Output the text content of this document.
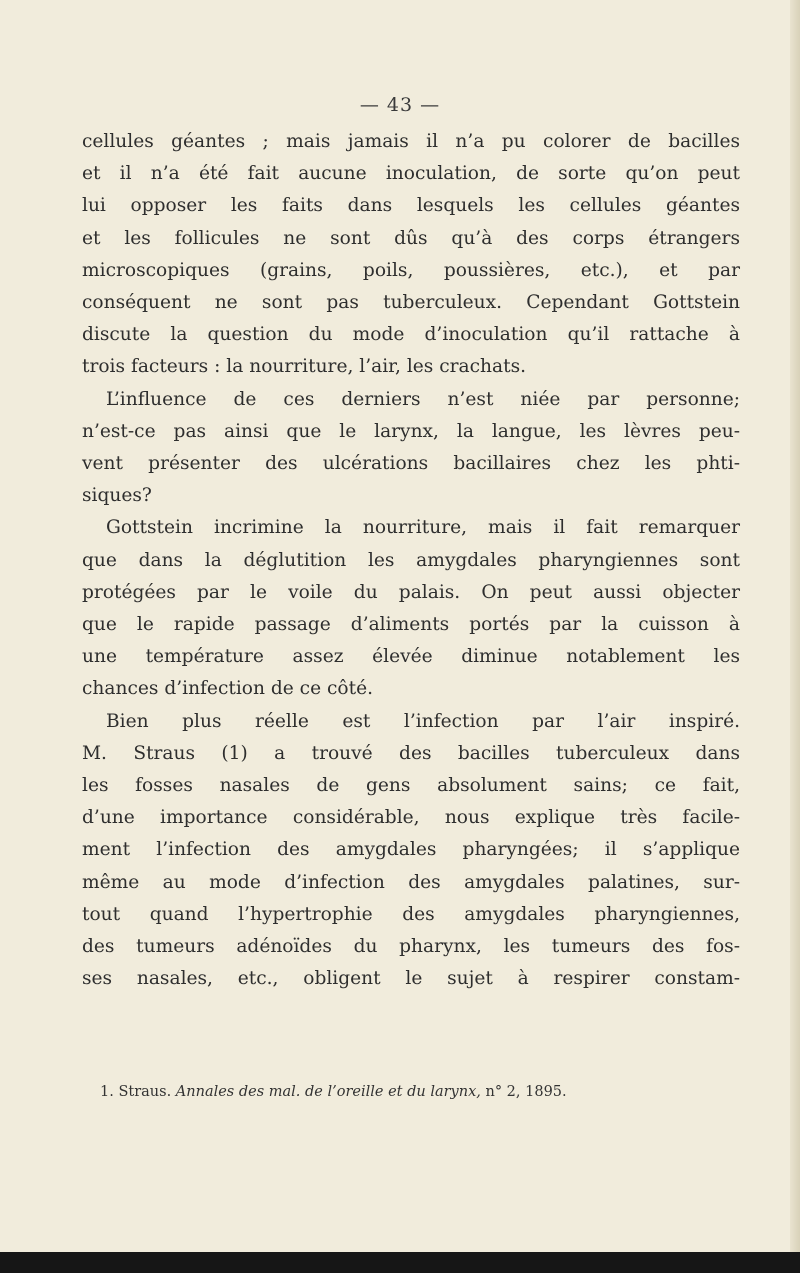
— 43 —
cellules géantes ; mais jamais il n’a pu colorer de bacilles
et il n’a été fait aucune inoculation, de sorte qu’on peut
lui opposer les faits dans lesquels les cellules géantes
et les follicules ne sont dûs qu’à des corps étrangers
microscopiques (grains, poils, poussières, etc.), et par
conséquent ne sont pas tuberculeux. Cependant Gottstein
discute la question du mode d’inoculation qu’il rattache à
trois facteurs : la nourriture, l’air, les crachats.
L’influence de ces derniers n’est niée par personne;
n’est-ce pas ainsi que le larynx, la langue, les lèvres peu-
vent présenter des ulcérations bacillaires chez les phti-
siques?
Gottstein incrimine la nourriture, mais il fait remarquer
que dans la déglutition les amygdales pharyngiennes sont
protégées par le voile du palais. On peut aussi objecter
que le rapide passage d’aliments portés par la cuisson à
une température assez élevée diminue notablement les
chances d’infection de ce côté.
Bien plus réelle est l’infection par l’air inspiré.
M. Straus (1) a trouvé des bacilles tuberculeux dans
les fosses nasales de gens absolument sains; ce fait,
d’une importance considérable, nous explique très facile-
ment l’infection des amygdales pharyngées; il s’applique
même au mode d’infection des amygdales palatines, sur-
tout quand l’hypertrophie des amygdales pharyngiennes,
des tumeurs adénoïdes du pharynx, les tumeurs des fos-
ses nasales, etc., obligent le sujet à respirer constam-
1. Straus. Annales des mal. de l’oreille et du larynx, n° 2, 1895.
